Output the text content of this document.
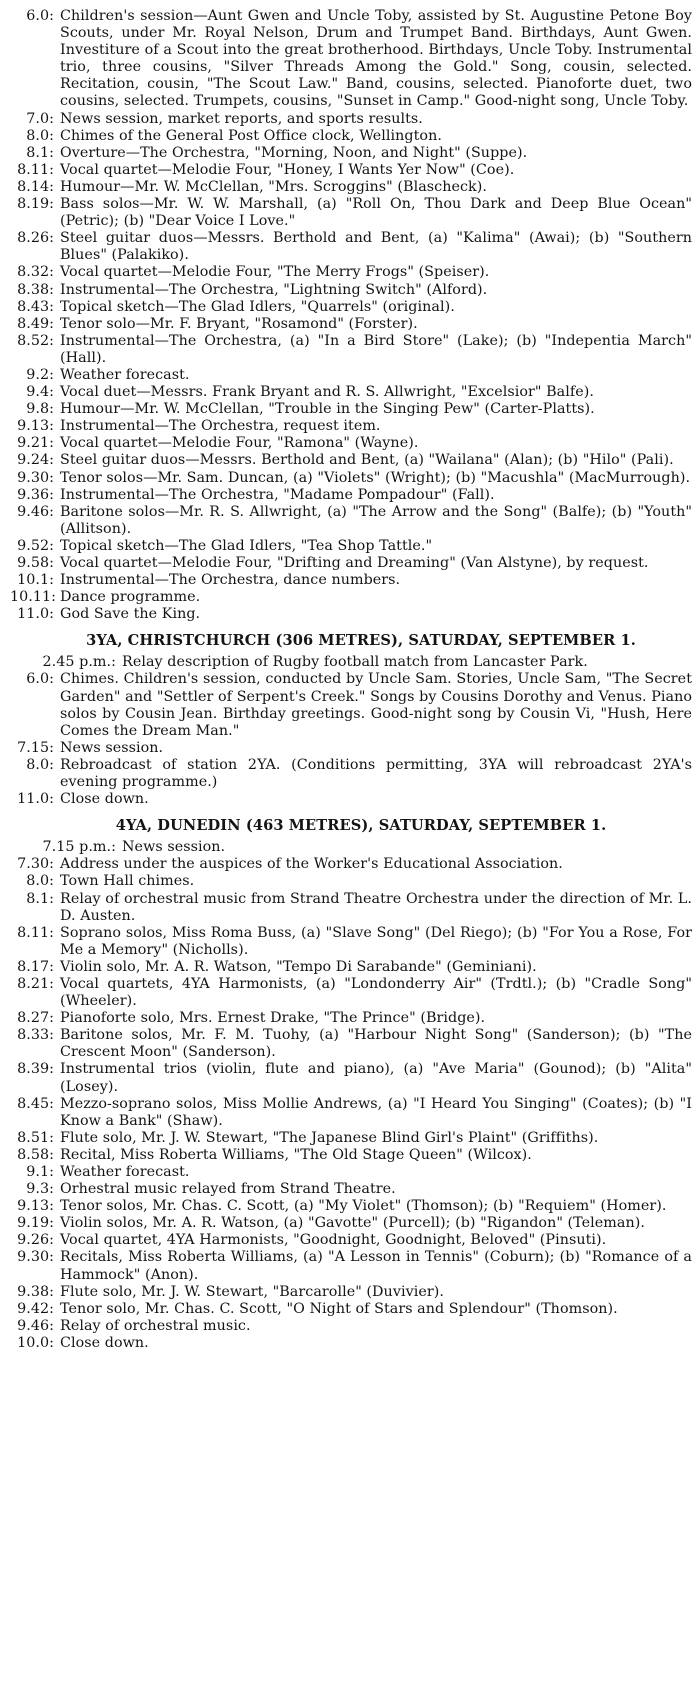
6.0: Children's session—Aunt Gwen and Uncle Toby, assisted by St. Augustine Petone Boy Scouts, under Mr. Royal Nelson, Drum and Trumpet Band. Birthdays, Aunt Gwen. Investiture of a Scout into the great brotherhood. Birthdays, Uncle Toby. Instrumental trio, three cousins, "Silver Threads Among the Gold." Song, cousin, selected. Recitation, cousin, "The Scout Law." Band, cousins, selected. Pianoforte duet, two cousins, selected. Trumpets, cousins, "Sunset in Camp." Good-night song, Uncle Toby.
7.0: News session, market reports, and sports results.
8.0: Chimes of the General Post Office clock, Wellington.
8.1: Overture—The Orchestra, "Morning, Noon, and Night" (Suppe).
8.11: Vocal quartet—Melodie Four, "Honey, I Wants Yer Now" (Coe).
8.14: Humour—Mr. W. McClellan, "Mrs. Scroggins" (Blascheck).
8.19: Bass solos—Mr. W. W. Marshall, (a) "Roll On, Thou Dark and Deep Blue Ocean" (Petric); (b) "Dear Voice I Love."
8.26: Steel guitar duos—Messrs. Berthold and Bent, (a) "Kalima" (Awai); (b) "Southern Blues" (Palakiko).
8.32: Vocal quartet—Melodie Four, "The Merry Frogs" (Speiser).
8.38: Instrumental—The Orchestra, "Lightning Switch" (Alford).
8.43: Topical sketch—The Glad Idlers, "Quarrels" (original).
8.49: Tenor solo—Mr. F. Bryant, "Rosamond" (Forster).
8.52: Instrumental—The Orchestra, (a) "In a Bird Store" (Lake); (b) "Indepentia March" (Hall).
9.2: Weather forecast.
9.4: Vocal duet—Messrs. Frank Bryant and R. S. Allwright, "Excelsior" Balfe).
9.8: Humour—Mr. W. McClellan, "Trouble in the Singing Pew" (Carter-Platts).
9.13: Instrumental—The Orchestra, request item.
9.21: Vocal quartet—Melodie Four, "Ramona" (Wayne).
9.24: Steel guitar duos—Messrs. Berthold and Bent, (a) "Wailana" (Alan); (b) "Hilo" (Pali).
9.30: Tenor solos—Mr. Sam. Duncan, (a) "Violets" (Wright); (b) "Macushla" (MacMurrough).
9.36: Instrumental—The Orchestra, "Madame Pompadour" (Fall).
9.46: Baritone solos—Mr. R. S. Allwright, (a) "The Arrow and the Song" (Balfe); (b) "Youth" (Allitson).
9.52: Topical sketch—The Glad Idlers, "Tea Shop Tattle."
9.58: Vocal quartet—Melodie Four, "Drifting and Dreaming" (Van Alstyne), by request.
10.1: Instrumental—The Orchestra, dance numbers.
10.11: Dance programme.
11.0: God Save the King.
3YA, CHRISTCHURCH (306 METRES), SATURDAY, SEPTEMBER 1.
2.45 p.m.: Relay description of Rugby football match from Lancaster Park.
6.0: Chimes. Children's session, conducted by Uncle Sam. Stories, Uncle Sam, "The Secret Garden" and "Settler of Serpent's Creek." Songs by Cousins Dorothy and Venus. Piano solos by Cousin Jean. Birthday greetings. Good-night song by Cousin Vi, "Hush, Here Comes the Dream Man."
7.15: News session.
8.0: Rebroadcast of station 2YA. (Conditions permitting, 3YA will rebroadcast 2YA's evening programme.)
11.0: Close down.
4YA, DUNEDIN (463 METRES), SATURDAY, SEPTEMBER 1.
7.15 p.m.: News session.
7.30: Address under the auspices of the Worker's Educational Association.
8.0: Town Hall chimes.
8.1: Relay of orchestral music from Strand Theatre Orchestra under the direction of Mr. L. D. Austen.
8.11: Soprano solos, Miss Roma Buss, (a) "Slave Song" (Del Riego); (b) "For You a Rose, For Me a Memory" (Nicholls).
8.17: Violin solo, Mr. A. R. Watson, "Tempo Di Sarabande" (Geminiani).
8.21: Vocal quartets, 4YA Harmonists, (a) "Londonderry Air" (Trdtl.); (b) "Cradle Song" (Wheeler).
8.27: Pianoforte solo, Mrs. Ernest Drake, "The Prince" (Bridge).
8.33: Baritone solos, Mr. F. M. Tuohy, (a) "Harbour Night Song" (Sanderson); (b) "The Crescent Moon" (Sanderson).
8.39: Instrumental trios (violin, flute and piano), (a) "Ave Maria" (Gounod); (b) "Alita" (Losey).
8.45: Mezzo-soprano solos, Miss Mollie Andrews, (a) "I Heard You Singing" (Coates); (b) "I Know a Bank" (Shaw).
8.51: Flute solo, Mr. J. W. Stewart, "The Japanese Blind Girl's Plaint" (Griffiths).
8.58: Recital, Miss Roberta Williams, "The Old Stage Queen" (Wilcox).
9.1: Weather forecast.
9.3: Orhestral music relayed from Strand Theatre.
9.13: Tenor solos, Mr. Chas. C. Scott, (a) "My Violet" (Thomson); (b) "Requiem" (Homer).
9.19: Violin solos, Mr. A. R. Watson, (a) "Gavotte" (Purcell); (b) "Rigandon" (Teleman).
9.26: Vocal quartet, 4YA Harmonists, "Goodnight, Goodnight, Beloved" (Pinsuti).
9.30: Recitals, Miss Roberta Williams, (a) "A Lesson in Tennis" (Coburn); (b) "Romance of a Hammock" (Anon).
9.38: Flute solo, Mr. J. W. Stewart, "Barcarolle" (Duvivier).
9.42: Tenor solo, Mr. Chas. C. Scott, "O Night of Stars and Splendour" (Thomson).
9.46: Relay of orchestral music.
10.0: Close down.
